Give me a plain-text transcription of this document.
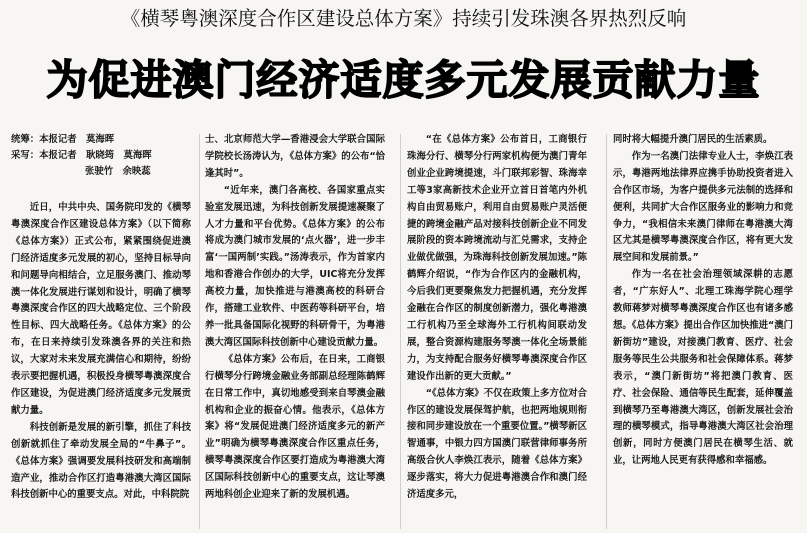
《横琴粤澳深度合作区建设总体方案》持续引发珠澳各界热烈反响
为促进澳门经济适度多元发展贡献力量
统筹：本报记者　莫海晖
采写：本报记者　耿晓筠　莫海晖
张驶竹　余映蕊

近日，中共中央、国务院印发的《横琴粤澳深度合作区建设总体方案》（以下简称《总体方案》）正式公布，紧紧围绕促进澳门经济适度多元发展的初心，坚持目标导向和问题导向相结合，立足服务澳门、推动琴澳一体化发展进行谋划和设计，明确了横琴粤澳深度合作区的四大战略定位、三个阶段性目标、四大战略任务。《总体方案》的公布，在日来持续引发珠澳各界的关注和热议，大家对未来发展充满信心和期待，纷纷表示要把握机遇，积极投身横琴粤澳深度合作区建设，为促进澳门经济适度多元发展贡献力量。

科技创新是发展的新引擎，抓住了科技创新就抓住了牵动发展全局的“牛鼻子”。《总体方案》强调要发展科技研发和高端制造产业，推动合作区打造粤港澳大湾区国际科技创新中心的重要支点。对此，中科院院

士、北京师范大学—香港浸会大学联合国际学院校长汤涛认为，《总体方案》的公布“恰逢其时”。

“近年来，澳门各高校、各国家重点实验室发展迅速，为科技创新发展提速凝聚了人才力量和平台优势。《总体方案》的公布将成为澳门城市发展的‘点火器’，进一步丰富‘一国两制’实践。”汤涛表示，作为首家内地和香港合作创办的大学，UIC将充分发挥高校力量，加快推进与港澳高校的科研合作，搭建工业软件、中医药等科研平台，培养一批具备国际化视野的科研骨干，为粤港澳大湾区国际科技创新中心建设贡献力量。

《总体方案》公布后，在日来，工商银行横琴分行跨境金融业务部副总经理陈鹤辉在日常工作中，真切地感受到来自琴澳金融机构和企业的振奋心情。他表示，《总体方案》将“发展促进澳门经济适度多元的新产业”明确为横琴粤澳深度合作区重点任务，横琴粤澳深度合作区要打造成为粤港澳大湾区国际科技创新中心的重要支点，这让琴澳两地科创企业迎来了新的发展机遇。

“在《总体方案》公布首日，工商银行珠海分行、横琴分行两家机构便为澳门青年创业企业跨境提速，斗门联邦彩智、珠海幸工等3家高新技术企业开立首日首笔内外机构自由贸易账户，利用自由贸易账户灵活便捷的跨境金融产品对接科技创新企业不同发展阶段的资本跨境流动与汇兑需求，支持企业做优做强，为珠海科技创新发展加速。”陈鹤辉介绍说，“作为合作区内的金融机构，今后我们更要聚焦发力把握机遇，充分发挥金融在合作区的制度创新潜力，强化粤港澳工行机构乃至全球海外工行机构间联动发展，整合资源构建服务琴澳一体化全场景能力，为支持配合服务好横琴粤澳深度合作区建设作出新的更大贡献。”

“《总体方案》不仅在政策上多方位对合作区的建设发展保驾护航，也把两地规则衔接和同步建设放在一个重要位置。”横琴新区智通事，中银力四方国澳门联营律师事务所高级合伙人李焕江表示，随着《总体方案》逐步落实，将大力促进粤港澳合作和澳门经济适度多元，

同时将大幅提升澳门居民的生活素质。

作为一名澳门法律专业人士，李焕江表示，粤港两地法律界应携手协助投资者进入合作区市场，为客户提供多元法制的选择和便利，共同扩大合作区服务业的影响力和竞争力，“我相信未来澳门律师在粤港澳大湾区尤其是横琴粤澳深度合作区，将有更大发展空间和发展前景。”

作为一名在社会治理领域深耕的志愿者，“广东好人”、北理工珠海学院心理学教师蒋梦对横琴粤澳深度合作区也有诸多感想。《总体方案》提出合作区加快推进“澳门新街坊”建设，对接澳门教育、医疗、社会服务等民生公共服务和社会保障体系。蒋梦表示，“澳门新街坊”将把澳门教育、医疗、社会保险、通信等民生配套，延伸覆盖到横琴乃至粤港澳大湾区，创新发展社会治理的横琴模式，指导粤港澳大湾区社会治理创新，同时方便澳门居民在横琴生活、就业，让两地人民更有获得感和幸福感。
